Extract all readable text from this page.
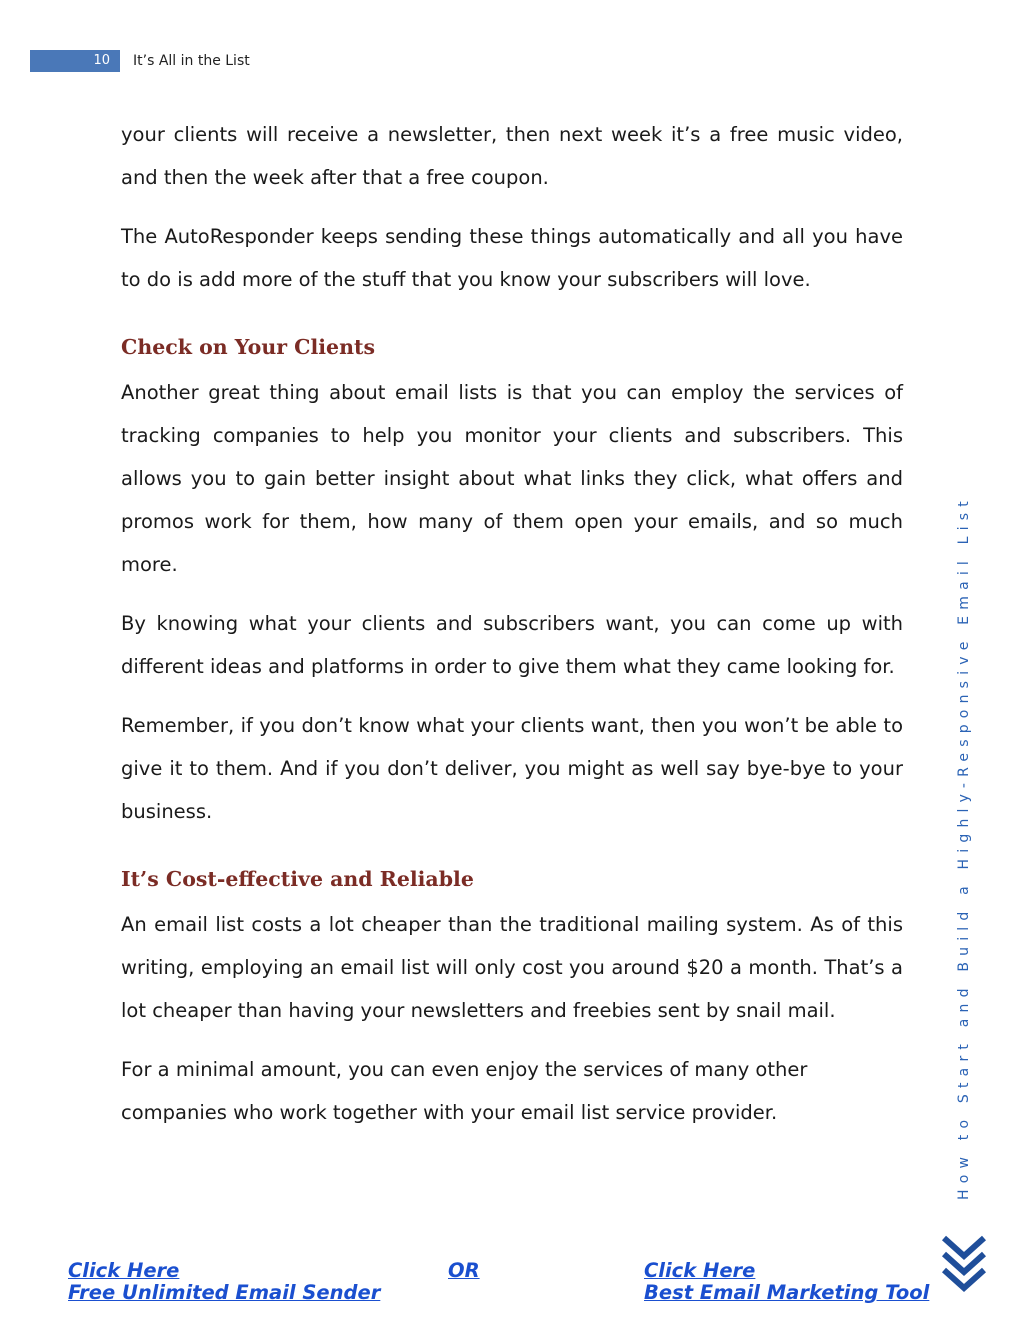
10	It’s All in the List

your clients will receive a newsletter, then next week it’s a free music video, and then the week after that a free coupon.

The AutoResponder keeps sending these things automatically and all you have to do is add more of the stuff that you know your subscribers will love.

Check on Your Clients

Another great thing about email lists is that you can employ the services of tracking companies to help you monitor your clients and subscribers. This allows you to gain better insight about what links they click, what offers and promos work for them, how many of them open your emails, and so much more.

By knowing what your clients and subscribers want, you can come up with different ideas and platforms in order to give them what they came looking for.

Remember, if you don’t know what your clients want, then you won’t be able to give it to them. And if you don’t deliver, you might as well say bye-bye to your business.

It’s Cost-effective and Reliable

An email list costs a lot cheaper than the traditional mailing system. As of this writing, employing an email list will only cost you around $20 a month. That’s a lot cheaper than having your newsletters and freebies sent by snail mail.

For a minimal amount, you can even enjoy the services of many other companies who work together with your email list service provider.	How to Start and Build a Highly-Responsive Email List
Click Here
Free Unlimited Email Sender
OR	Click Here
Best Email Marketing Tool
